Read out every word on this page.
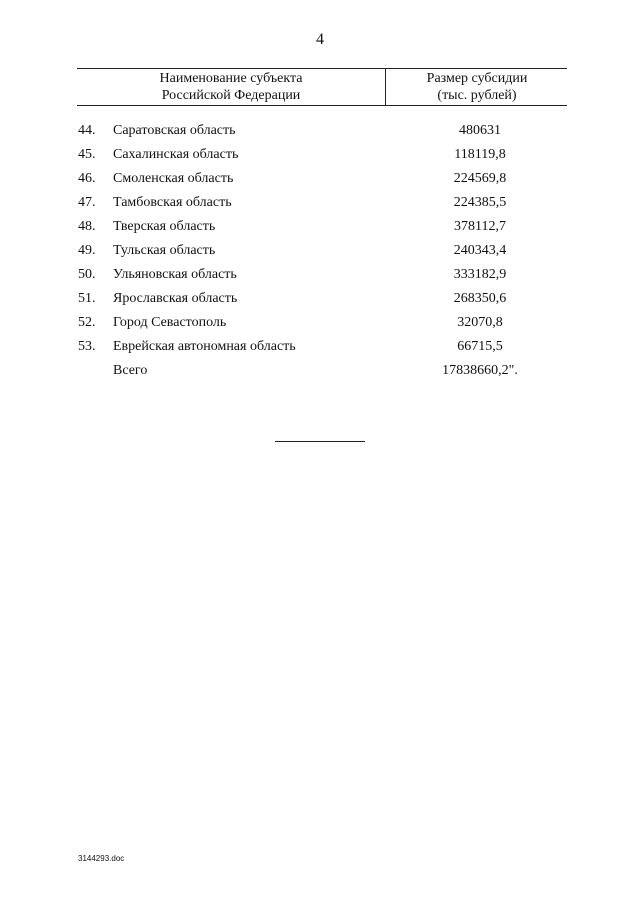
4
Наименование субъекта
Российской Федерации
Размер субсидии
(тыс. рублей)
44.	Саратовская область	480631
45.	Сахалинская область	118119,8
46.	Смоленская область	224569,8
47.	Тамбовская область	224385,5
48.	Тверская область	378112,7
49.	Тульская область	240343,4
50.	Ульяновская область	333182,9
51.	Ярославская область	268350,6
52.	Город Севастополь	32070,8
53.	Еврейская автономная область	66715,5
Всего	17838660,2".
3144293.doc
